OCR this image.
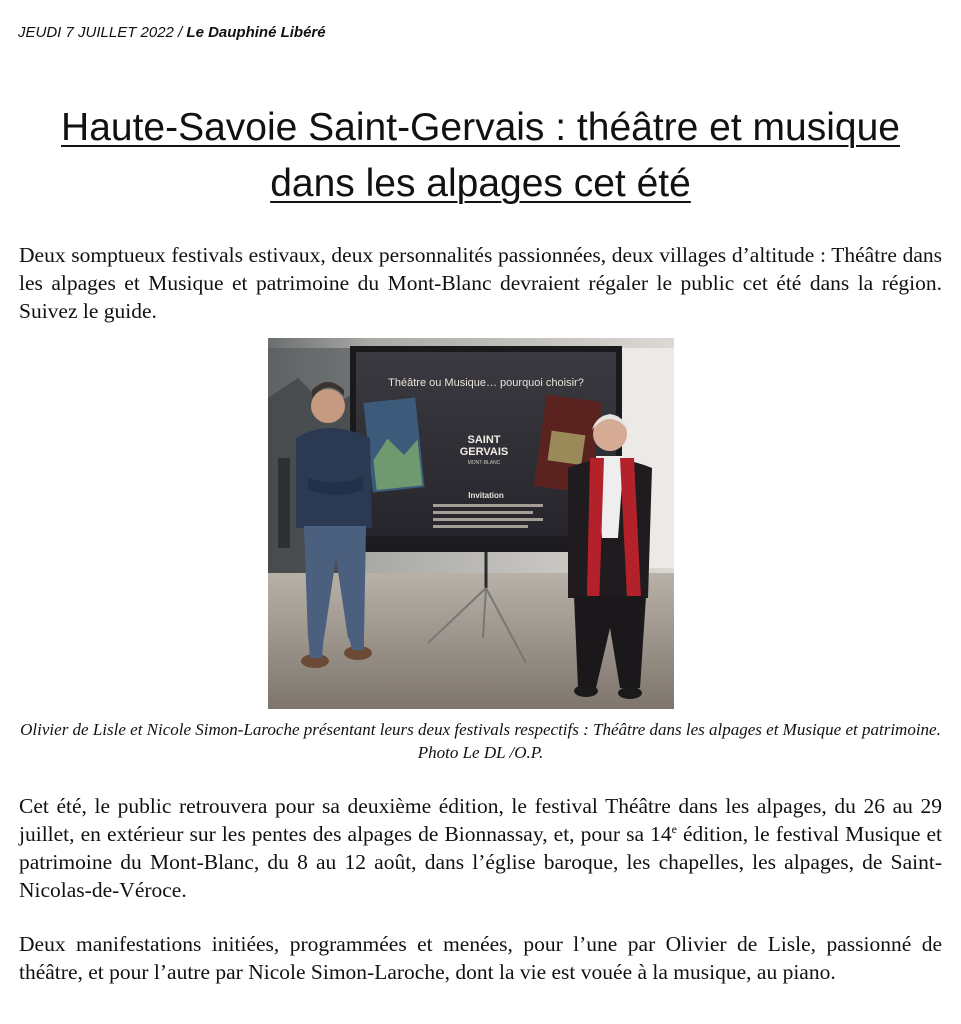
JEUDI 7 JUILLET 2022 / Le Dauphiné Libéré
Haute-Savoie Saint-Gervais : théâtre et musique dans les alpages cet été

Deux somptueux festivals estivaux, deux personnalités passionnées, deux villages d’altitude : Théâtre dans les alpages et Musique et patrimoine du Mont-Blanc devraient régaler le public cet été dans la région. Suivez le guide.

Théâtre ou Musique… pourquoi choisir?
SAINT
GERVAIS
MONT-BLANC
Invitation

Olivier de Lisle et Nicole Simon-Laroche présentant leurs deux festivals respectifs : Théâtre dans les alpages et Musique et patrimoine. Photo Le DL /O.P.

Cet été, le public retrouvera pour sa deuxième édition, le festival Théâtre dans les alpages, du 26 au 29 juillet, en extérieur sur les pentes des alpages de Bionnassay, et, pour sa 14e édition, le festival Musique et patrimoine du Mont-Blanc, du 8 au 12 août, dans l’église baroque, les chapelles, les alpages, de Saint-Nicolas-de-Véroce.

Deux manifestations initiées, programmées et menées, pour l’une par Olivier de Lisle, passionné de théâtre, et pour l’autre par Nicole Simon-Laroche, dont la vie est vouée à la musique, au piano.
